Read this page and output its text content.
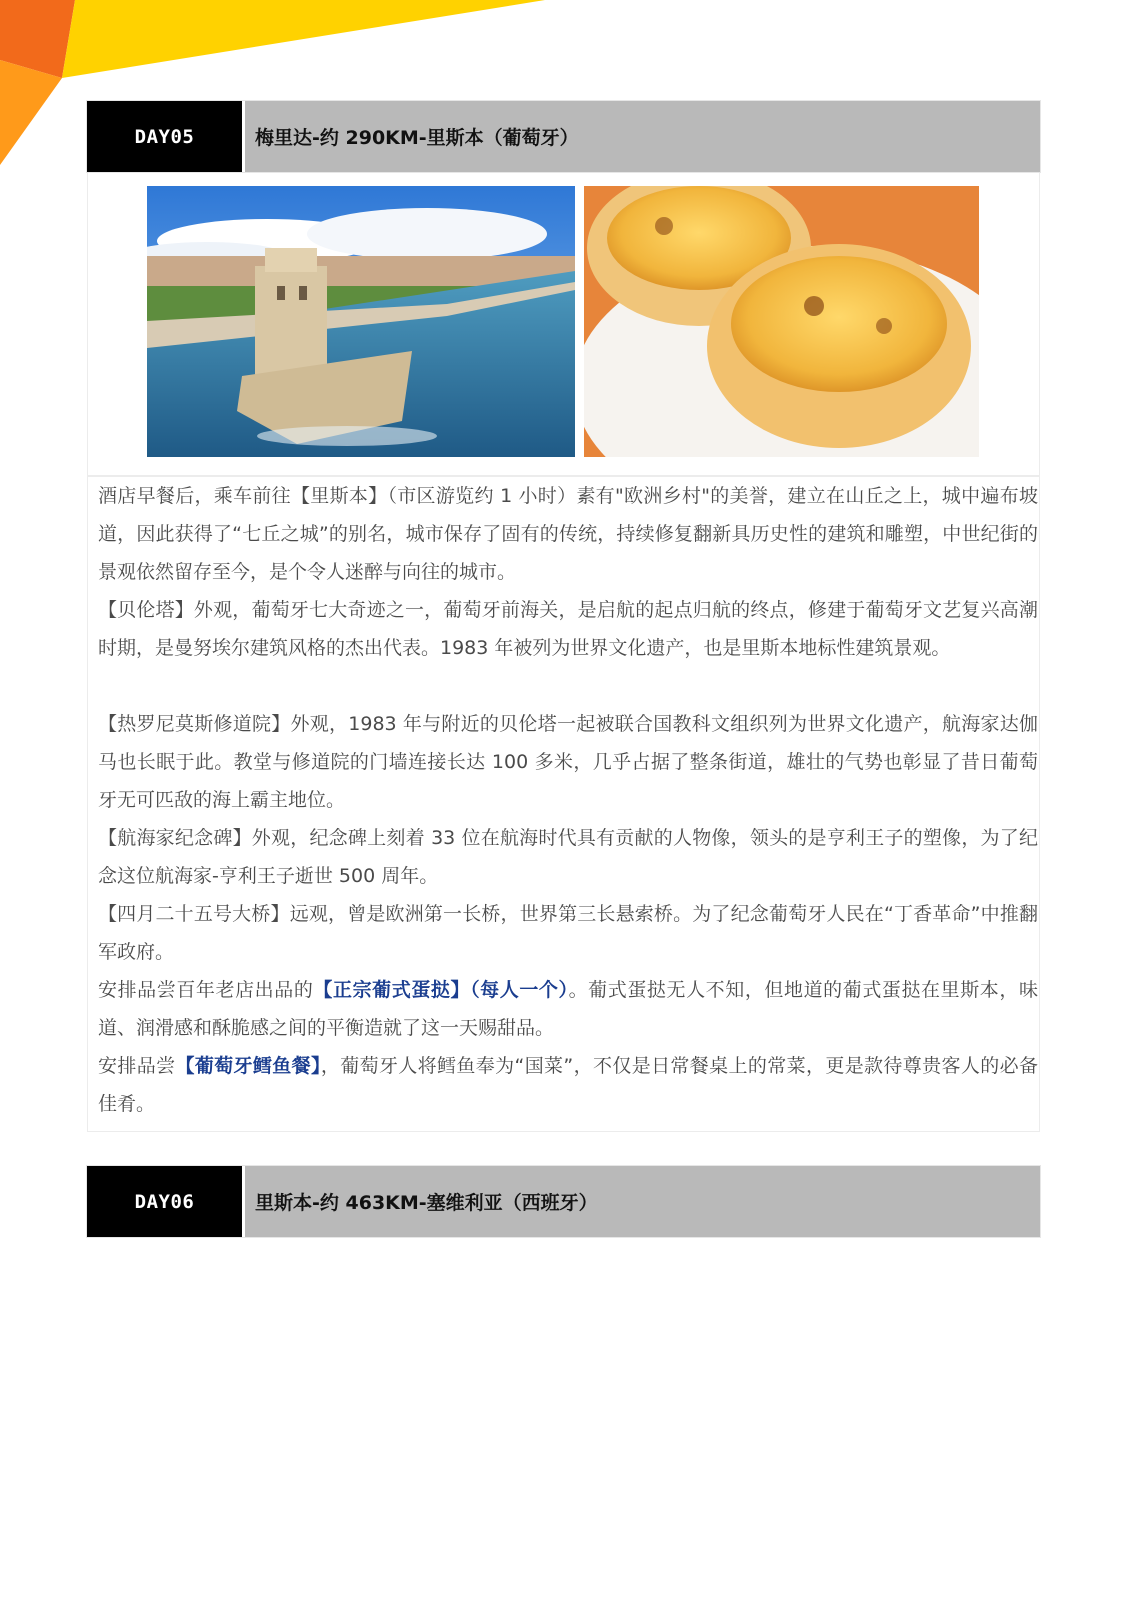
DAY05	梅里达-约 290KM-里斯本（葡萄牙）

酒店早餐后，乘车前往【里斯本】（市区游览约 1 小时）素有"欧洲乡村"的美誉，建立在山丘之上，城中遍布坡道，因此获得了“七丘之城”的别名，城市保存了固有的传统，持续修复翻新具历史性的建筑和雕塑，中世纪街的景观依然留存至今，是个令人迷醉与向往的城市。

【贝伦塔】外观，葡萄牙七大奇迹之一，葡萄牙前海关，是启航的起点归航的终点，修建于葡萄牙文艺复兴高潮时期，是曼努埃尔建筑风格的杰出代表。1983 年被列为世界文化遗产，也是里斯本地标性建筑景观。

【热罗尼莫斯修道院】外观，1983 年与附近的贝伦塔一起被联合国教科文组织列为世界文化遗产，航海家达伽马也长眠于此。教堂与修道院的门墙连接长达 100 多米，几乎占据了整条街道，雄壮的气势也彰显了昔日葡萄牙无可匹敌的海上霸主地位。

【航海家纪念碑】外观，纪念碑上刻着 33 位在航海时代具有贡献的人物像，领头的是亨利王子的塑像，为了纪念这位航海家-亨利王子逝世 500 周年。

【四月二十五号大桥】远观，曾是欧洲第一长桥，世界第三长悬索桥。为了纪念葡萄牙人民在“丁香革命”中推翻军政府。

安排品尝百年老店出品的【正宗葡式蛋挞】（每人一个）。葡式蛋挞无人不知，但地道的葡式蛋挞在里斯本，味道、润滑感和酥脆感之间的平衡造就了这一天赐甜品。

安排品尝【葡萄牙鳕鱼餐】，葡萄牙人将鳕鱼奉为“国菜”，不仅是日常餐桌上的常菜，更是款待尊贵客人的必备佳肴。

DAY06	里斯本-约 463KM-塞维利亚（西班牙）
